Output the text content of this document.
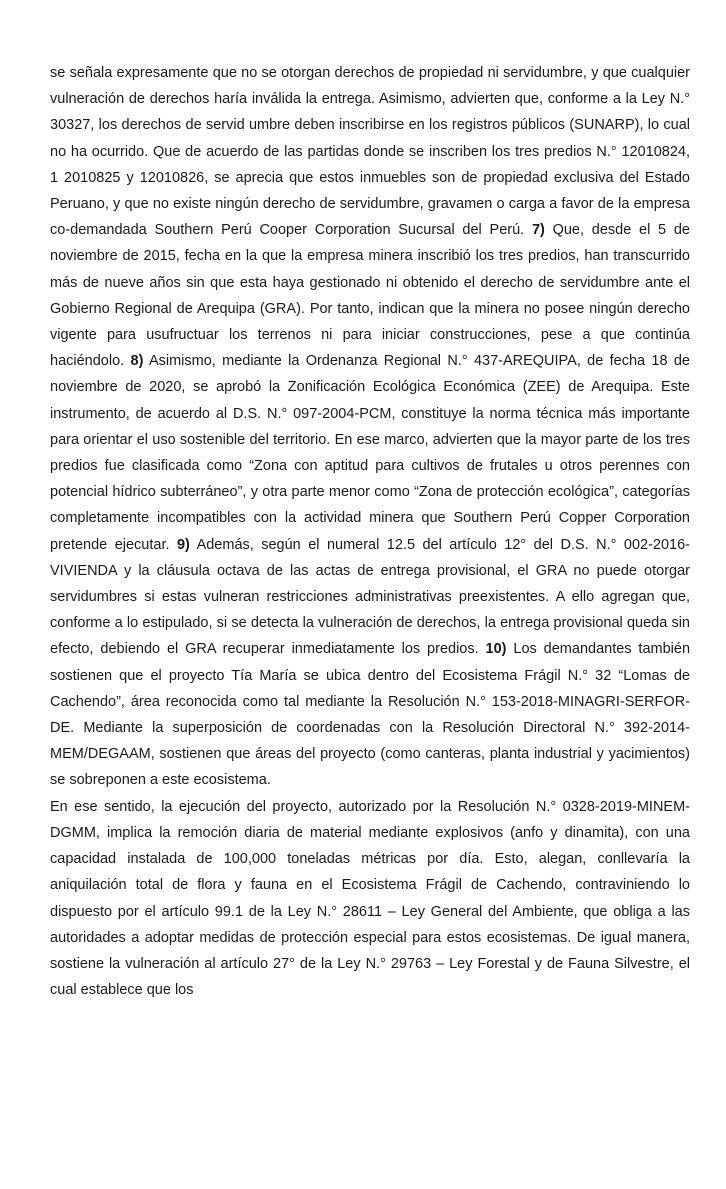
se señala expresamente que no se otorgan derechos de propiedad ni servidumbre, y que cualquier vulneración de derechos haría inválida la entrega. Asimismo, advierten que, conforme a la Ley N.° 30327, los derechos de servid umbre deben inscribirse en los registros públicos (SUNARP), lo cual no ha ocurrido. Que de acuerdo de las partidas donde se inscriben los tres predios N.° 12010824, 1 2010825 y 12010826, se aprecia que estos inmuebles son de propiedad exclusiva del Estado Peruano, y que no existe ningún derecho de servidumbre, gravamen o carga a favor de la empresa co-demandada Southern Perú Cooper Corporation Sucursal del Perú. 7) Que, desde el 5 de noviembre de 2015, fecha en la que la empresa minera inscribió los tres predios, han transcurrido más de nueve años sin que esta haya gestionado ni obtenido el derecho de servidumbre ante el Gobierno Regional de Arequipa (GRA). Por tanto, indican que la minera no posee ningún derecho vigente para usufructuar los terrenos ni para iniciar construcciones, pese a que continúa haciéndolo. 8) Asimismo, mediante la Ordenanza Regional N.° 437-AREQUIPA, de fecha 18 de noviembre de 2020, se aprobó la Zonificación Ecológica Económica (ZEE) de Arequipa. Este instrumento, de acuerdo al D.S. N.° 097-2004-PCM, constituye la norma técnica más importante para orientar el uso sostenible del territorio. En ese marco, advierten que la mayor parte de los tres predios fue clasificada como “Zona con aptitud para cultivos de frutales u otros perennes con potencial hídrico subterráneo”, y otra parte menor como “Zona de protección ecológica”, categorías completamente incompatibles con la actividad minera que Southern Perú Copper Corporation pretende ejecutar. 9) Además, según el numeral 12.5 del artículo 12° del D.S. N.° 002-2016-VIVIENDA y la cláusula octava de las actas de entrega provisional, el GRA no puede otorgar servidumbres si estas vulneran restricciones administrativas preexistentes. A ello agregan que, conforme a lo estipulado, si se detecta la vulneración de derechos, la entrega provisional queda sin efecto, debiendo el GRA recuperar inmediatamente los predios. 10) Los demandantes también sostienen que el proyecto Tía María se ubica dentro del Ecosistema Frágil N.° 32 “Lomas de Cachendo”, área reconocida como tal mediante la Resolución N.° 153-2018-MINAGRI-SERFOR-DE. Mediante la superposición de coordenadas con la Resolución Directoral N.° 392-2014-MEM/DEGAAM, sostienen que áreas del proyecto (como canteras, planta industrial y yacimientos) se sobreponen a este ecosistema.

En ese sentido, la ejecución del proyecto, autorizado por la Resolución N.° 0328-2019-MINEM-DGMM, implica la remoción diaria de material mediante explosivos (anfo y dinamita), con una capacidad instalada de 100,000 toneladas métricas por día. Esto, alegan, conllevaría la aniquilación total de flora y fauna en el Ecosistema Frágil de Cachendo, contraviniendo lo dispuesto por el artículo 99.1 de la Ley N.° 28611 – Ley General del Ambiente, que obliga a las autoridades a adoptar medidas de protección especial para estos ecosistemas. De igual manera, sostiene la vulneración al artículo 27° de la Ley N.° 29763 – Ley Forestal y de Fauna Silvestre, el cual establece que los
